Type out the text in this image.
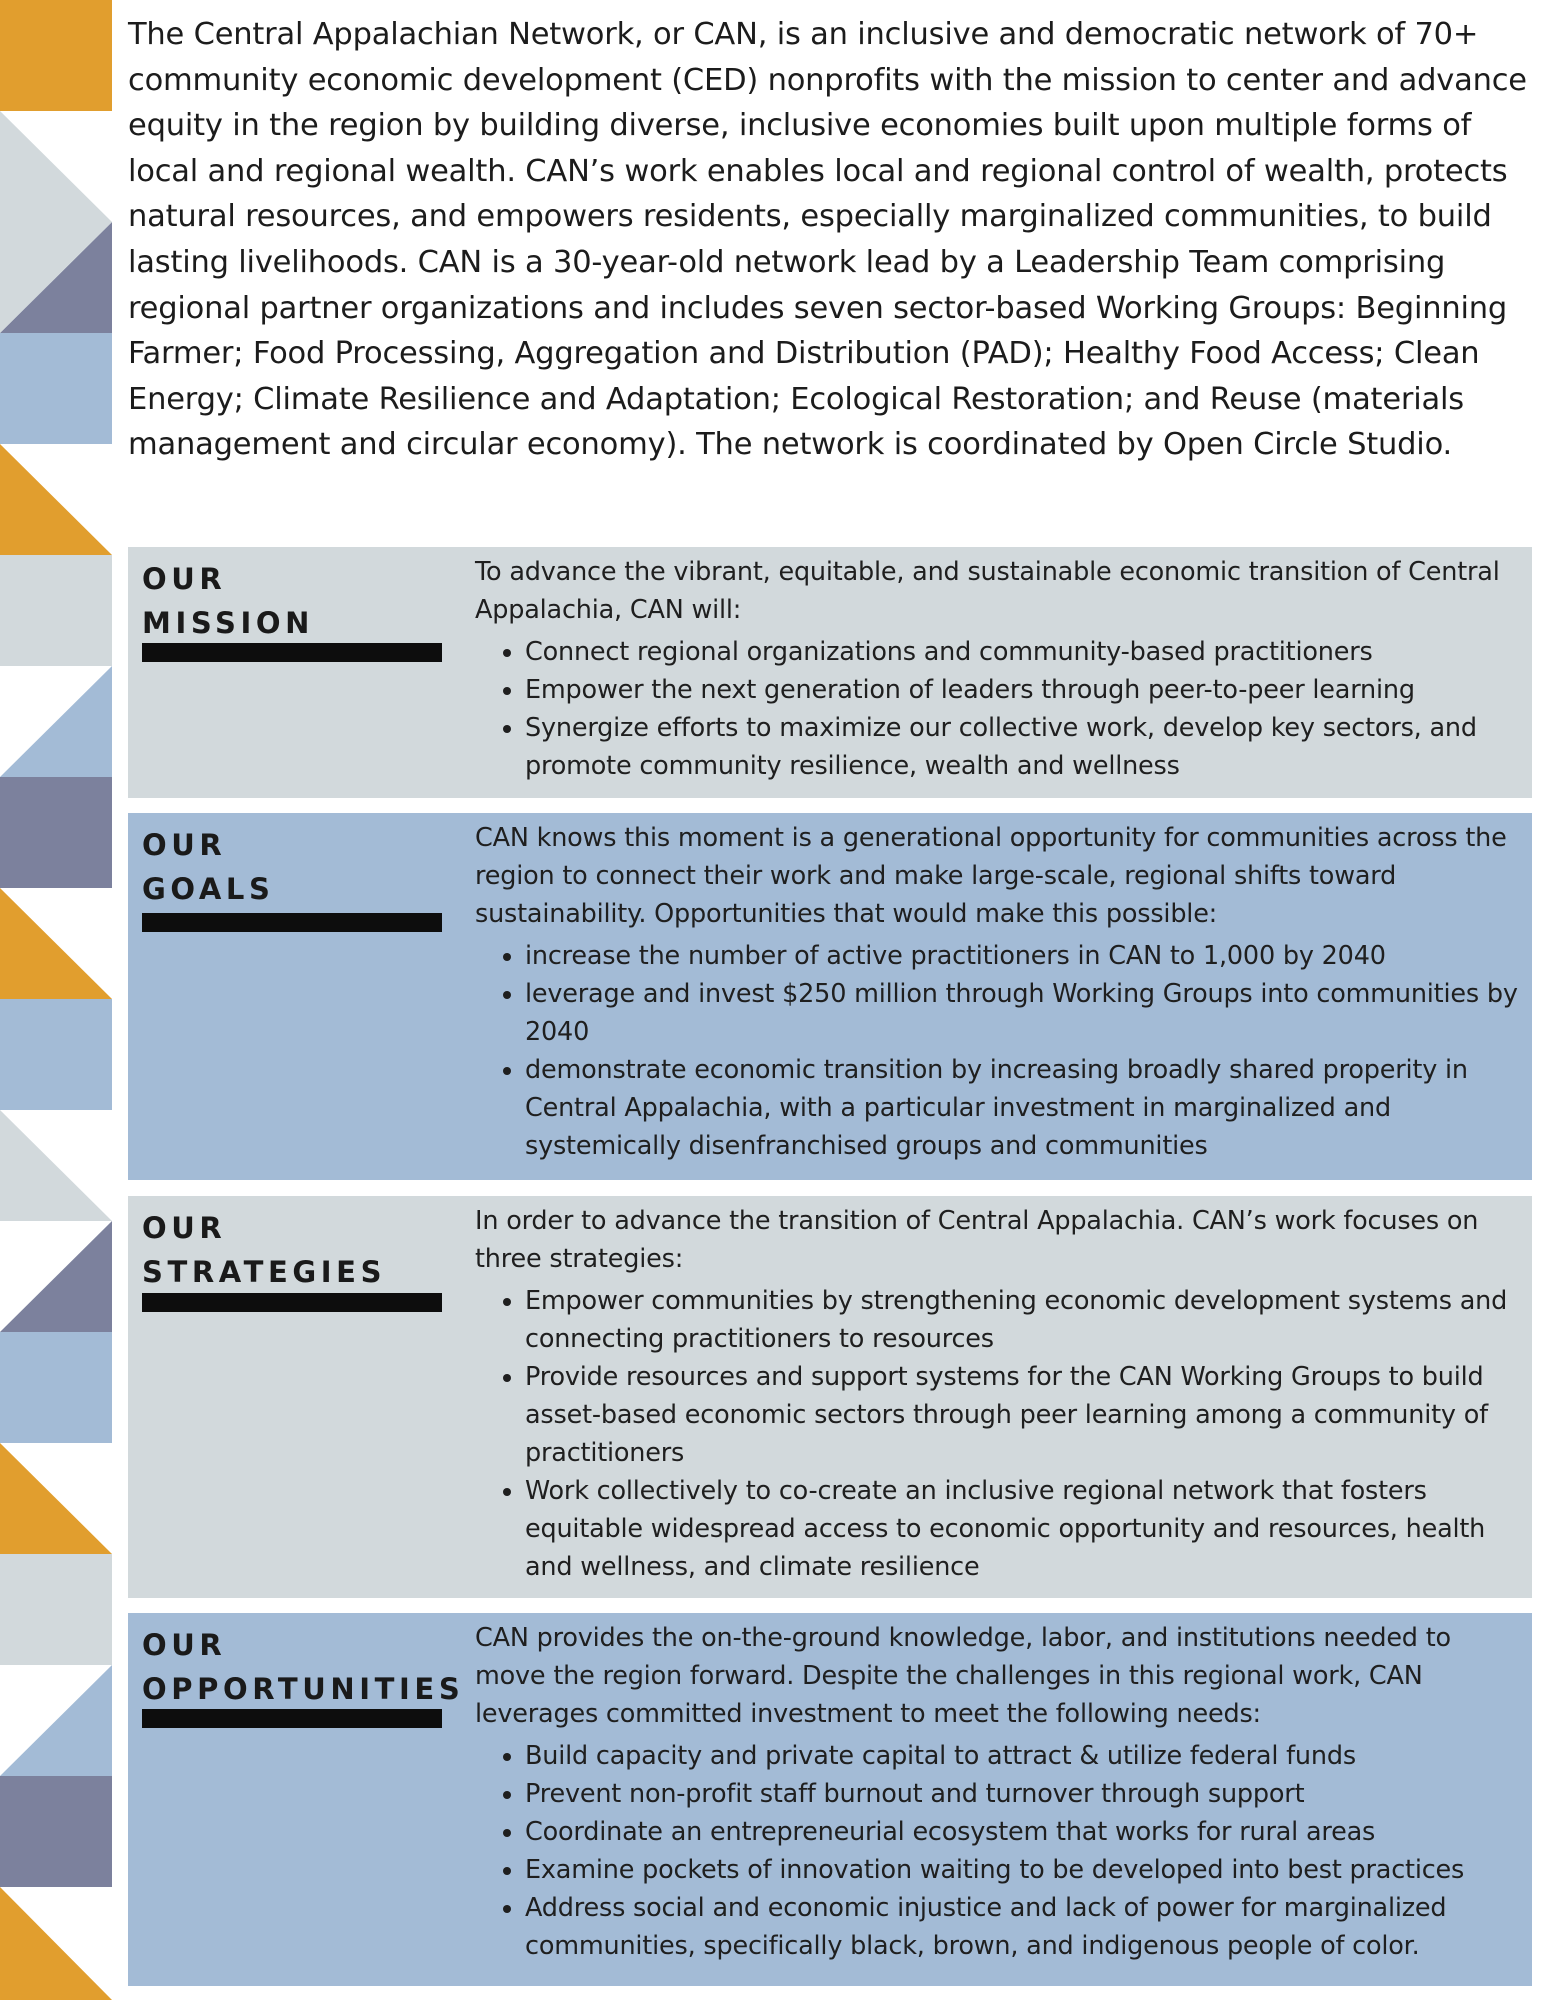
The Central Appalachian Network, or CAN, is an inclusive and democratic network of 70+ community economic development (CED) nonprofits with the mission to center and advance equity in the region by building diverse, inclusive economies built upon multiple forms of local and regional wealth. CAN’s work enables local and regional control of wealth, protects natural resources, and empowers residents, especially marginalized communities, to build lasting livelihoods. CAN is a 30-year-old network lead by a Leadership Team comprising regional partner organizations and includes seven sector-based Working Groups: Beginning Farmer; Food Processing, Aggregation and Distribution (PAD); Healthy Food Access; Clean Energy; Climate Resilience and Adaptation; Ecological Restoration; and Reuse (materials management and circular economy). The network is coordinated by Open Circle Studio.

OUR
MISSION

To advance the vibrant, equitable, and sustainable economic transition of Central Appalachia, CAN will:

• Connect regional organizations and community-based practitioners
• Empower the next generation of leaders through peer-to-peer learning
• Synergize efforts to maximize our collective work, develop key sectors, and promote community resilience, wealth and wellness
OUR
GOALS

CAN knows this moment is a generational opportunity for communities across the region to connect their work and make large-scale, regional shifts toward sustainability. Opportunities that would make this possible:

• increase the number of active practitioners in CAN to 1,000 by 2040
• leverage and invest $250 million through Working Groups into communities by 2040
• demonstrate economic transition by increasing broadly shared properity in Central Appalachia, with a particular investment in marginalized and systemically disenfranchised groups and communities
OUR
STRATEGIES

In order to advance the transition of Central Appalachia. CAN’s work focuses on three strategies:

• Empower communities by strengthening economic development systems and connecting practitioners to resources
• Provide resources and support systems for the CAN Working Groups to build asset-based economic sectors through peer learning among a community of practitioners
• Work collectively to co-create an inclusive regional network that fosters equitable widespread access to economic opportunity and resources, health and wellness, and climate resilience
OUR
OPPORTUNITIES

CAN provides the on-the-ground knowledge, labor, and institutions needed to move the region forward. Despite the challenges in this regional work, CAN leverages committed investment to meet the following needs:

• Build capacity and private capital to attract & utilize federal funds
• Prevent non-profit staff burnout and turnover through support
• Coordinate an entrepreneurial ecosystem that works for rural areas
• Examine pockets of innovation waiting to be developed into best practices
• Address social and economic injustice and lack of power for marginalized communities, specifically black, brown, and indigenous people of color.
